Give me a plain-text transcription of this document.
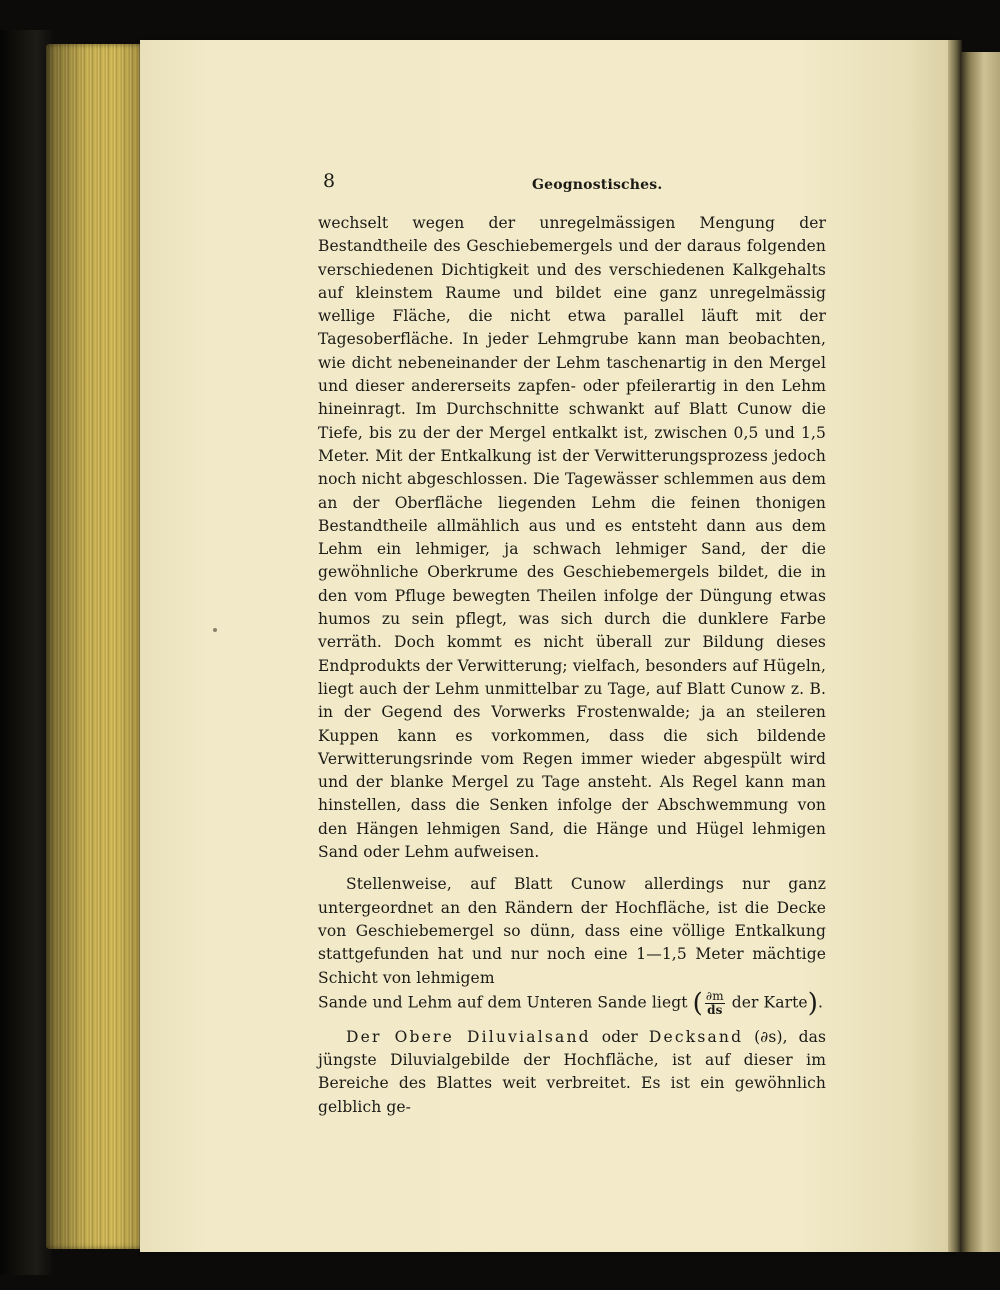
8	Geognostisches.

wechselt wegen der unregelmässigen Mengung der Bestandtheile des Geschiebemergels und der daraus folgenden verschiedenen Dichtigkeit und des verschiedenen Kalkgehalts auf kleinstem Raume und bildet eine ganz unregelmässig wellige Fläche, die nicht etwa parallel läuft mit der Tagesoberfläche. In jeder Lehmgrube kann man beobachten, wie dicht nebeneinander der Lehm taschenartig in den Mergel und dieser andererseits zapfen- oder pfeilerartig in den Lehm hineinragt. Im Durchschnitte schwankt auf Blatt Cunow die Tiefe, bis zu der der Mergel entkalkt ist, zwischen 0,5 und 1,5 Meter. Mit der Entkalkung ist der Verwitterungsprozess jedoch noch nicht abgeschlossen. Die Tagewässer schlemmen aus dem an der Oberfläche liegenden Lehm die feinen thonigen Bestandtheile allmählich aus und es entsteht dann aus dem Lehm ein lehmiger, ja schwach lehmiger Sand, der die gewöhnliche Oberkrume des Geschiebemergels bildet, die in den vom Pfluge bewegten Theilen infolge der Düngung etwas humos zu sein pflegt, was sich durch die dunklere Farbe verräth. Doch kommt es nicht überall zur Bildung dieses Endprodukts der Verwitterung; vielfach, besonders auf Hügeln, liegt auch der Lehm unmittelbar zu Tage, auf Blatt Cunow z. B. in der Gegend des Vorwerks Frostenwalde; ja an steileren Kuppen kann es vorkommen, dass die sich bildende Verwitterungsrinde vom Regen immer wieder abgespült wird und der blanke Mergel zu Tage ansteht. Als Regel kann man hinstellen, dass die Senken infolge der Abschwemmung von den Hängen lehmigen Sand, die Hänge und Hügel lehmigen Sand oder Lehm aufweisen.

Stellenweise, auf Blatt Cunow allerdings nur ganz untergeordnet an den Rändern der Hochfläche, ist die Decke von Geschiebemergel so dünn, dass eine völlige Entkalkung stattgefunden hat und nur noch eine 1—1,5 Meter mächtige Schicht von lehmigem

Sande und Lehm auf dem Unteren Sande liegt ( $\frac{\partial m}{ds}$ der Karte).

Der Obere Diluvialsand oder Decksand (∂s), das jüngste Diluvialgebilde der Hochfläche, ist auf dieser im Bereiche des Blattes weit verbreitet. Es ist ein gewöhnlich gelblich ge-
